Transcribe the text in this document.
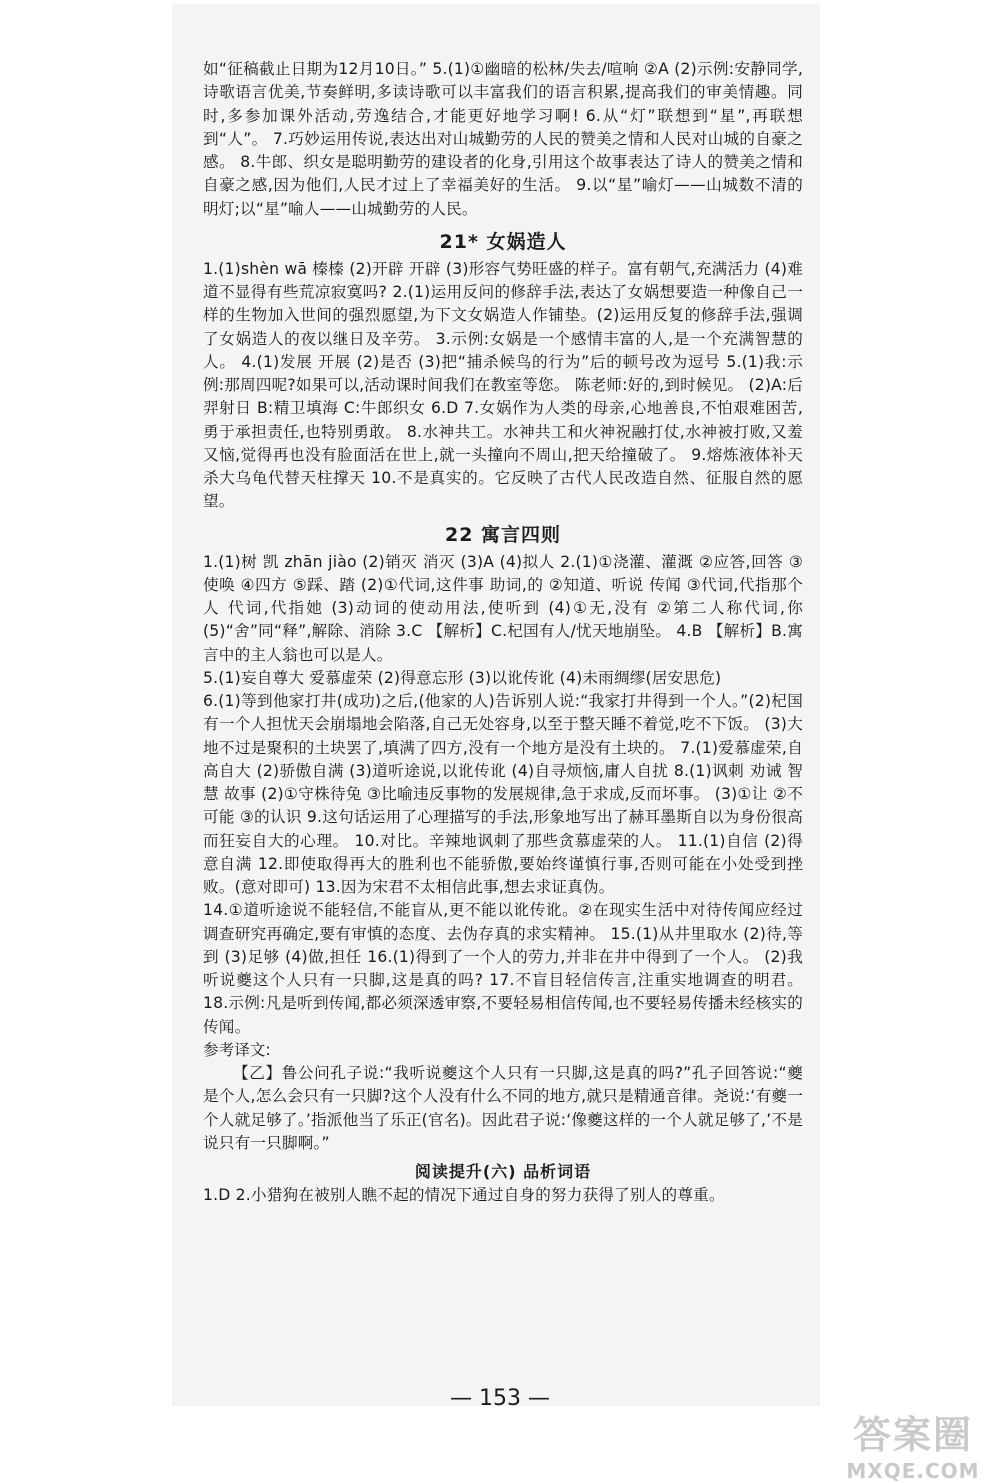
如“征稿截止日期为12月10日。” 5.(1)①幽暗的松林/失去/喧响 ②A (2)示例:安静同学,诗歌语言优美,节奏鲜明,多读诗歌可以丰富我们的语言积累,提高我们的审美情趣。同时,多参加课外活动,劳逸结合,才能更好地学习啊! 6.从“灯”联想到“星”,再联想到“人”。 7.巧妙运用传说,表达出对山城勤劳的人民的赞美之情和人民对山城的自豪之感。 8.牛郎、织女是聪明勤劳的建设者的化身,引用这个故事表达了诗人的赞美之情和自豪之感,因为他们,人民才过上了幸福美好的生活。 9.以“星”喻灯——山城数不清的明灯;以“星”喻人——山城勤劳的人民。

21* 女娲造人

1.(1)shèn wā 榛榛 (2)开辟 开辟 (3)形容气势旺盛的样子。富有朝气,充满活力 (4)难道不显得有些荒凉寂寞吗? 2.(1)运用反问的修辞手法,表达了女娲想要造一种像自己一样的生物加入世间的强烈愿望,为下文女娲造人作铺垫。(2)运用反复的修辞手法,强调了女娲造人的夜以继日及辛劳。 3.示例:女娲是一个感情丰富的人,是一个充满智慧的人。 4.(1)发展 开展 (2)是否 (3)把“捕杀候鸟的行为”后的顿号改为逗号 5.(1)我:示例:那周四呢?如果可以,活动课时间我们在教室等您。 陈老师:好的,到时候见。 (2)A:后羿射日 B:精卫填海 C:牛郎织女 6.D 7.女娲作为人类的母亲,心地善良,不怕艰难困苦,勇于承担责任,也特别勇敢。 8.水神共工。水神共工和火神祝融打仗,水神被打败,又羞又恼,觉得再也没有脸面活在世上,就一头撞向不周山,把天给撞破了。 9.熔炼液体补天 杀大乌龟代替天柱撑天 10.不是真实的。它反映了古代人民改造自然、征服自然的愿望。

22 寓言四则

1.(1)树 凯 zhān jiào (2)销灭 消灭 (3)A (4)拟人 2.(1)①浇灌、灌溉 ②应答,回答 ③使唤 ④四方 ⑤踩、踏 (2)①代词,这件事 助词,的 ②知道、听说 传闻 ③代词,代指那个人 代词,代指她 (3)动词的使动用法,使听到 (4)①无,没有 ②第二人称代词,你 (5)“舍”同“释”,解除、消除 3.C 【解析】C.杞国有人/忧天地崩坠。 4.B 【解析】B.寓言中的主人翁也可以是人。

5.(1)妄自尊大 爱慕虚荣 (2)得意忘形 (3)以讹传讹 (4)未雨绸缪(居安思危)

6.(1)等到他家打井(成功)之后,(他家的人)告诉别人说:“我家打井得到一个人。”(2)杞国有一个人担忧天会崩塌地会陷落,自己无处容身,以至于整天睡不着觉,吃不下饭。 (3)大地不过是聚积的土块罢了,填满了四方,没有一个地方是没有土块的。 7.(1)爱慕虚荣,自高自大 (2)骄傲自满 (3)道听途说,以讹传讹 (4)自寻烦恼,庸人自扰 8.(1)讽刺 劝诫 智慧 故事 (2)①守株待兔 ③比喻违反事物的发展规律,急于求成,反而坏事。 (3)①让 ②不可能 ③的认识 9.这句话运用了心理描写的手法,形象地写出了赫耳墨斯自以为身份很高而狂妄自大的心理。 10.对比。辛辣地讽刺了那些贪慕虚荣的人。 11.(1)自信 (2)得意自满 12.即使取得再大的胜利也不能骄傲,要始终谨慎行事,否则可能在小处受到挫败。(意对即可) 13.因为宋君不太相信此事,想去求证真伪。

14.①道听途说不能轻信,不能盲从,更不能以讹传讹。②在现实生活中对待传闻应经过调查研究再确定,要有审慎的态度、去伪存真的求实精神。 15.(1)从井里取水 (2)待,等到 (3)足够 (4)做,担任 16.(1)得到了一个人的劳力,并非在井中得到了一个人。 (2)我听说夔这个人只有一只脚,这是真的吗? 17.不盲目轻信传言,注重实地调查的明君。 18.示例:凡是听到传闻,都必须深透审察,不要轻易相信传闻,也不要轻易传播未经核实的传闻。

参考译文:

【乙】鲁公问孔子说:“我听说夔这个人只有一只脚,这是真的吗?”孔子回答说:“夔是个人,怎么会只有一只脚?这个人没有什么不同的地方,就只是精通音律。尧说:‘有夔一个人就足够了。’指派他当了乐正(官名)。因此君子说:‘像夔这样的一个人就足够了,’不是说只有一只脚啊。”

阅读提升(六) 品析词语

1.D 2.小猎狗在被别人瞧不起的情况下通过自身的努力获得了别人的尊重。

— 153 —
答案圈
MXQE.COM
